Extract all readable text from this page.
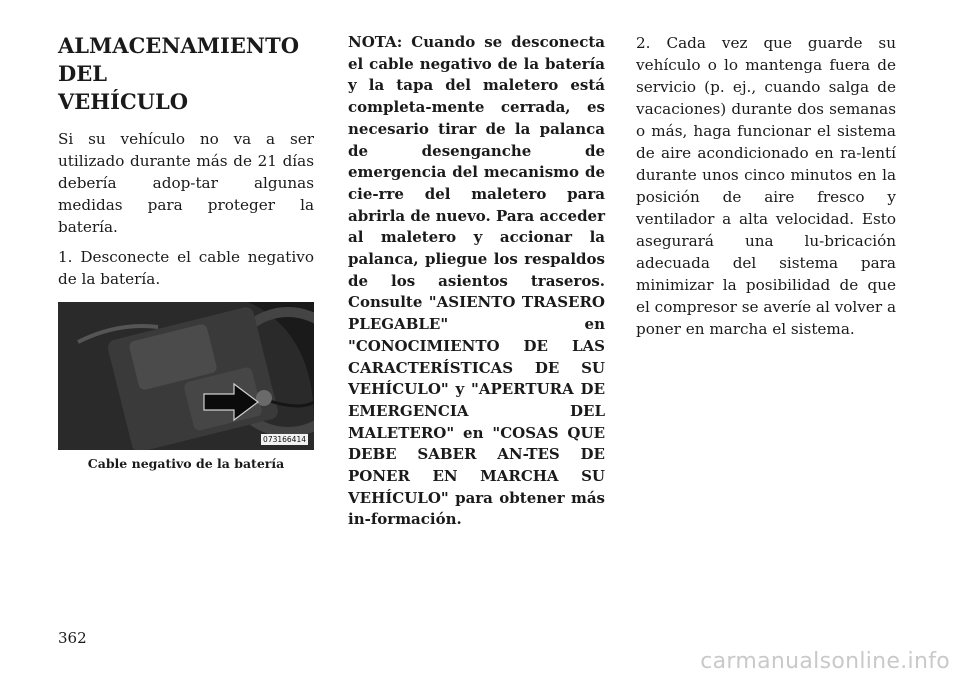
ALMACENAMIENTO DEL
VEHÍCULO

Si su vehículo no va a ser utilizado durante más de 21 días debería adop-tar algunas medidas para proteger la batería.

1. Desconecte el cable negativo de la batería.

073166414
Cable negativo de la batería

NOTA: Cuando se desconecta el cable negativo de la batería y la tapa del maletero está completa-mente cerrada, es necesario tirar de la palanca de desenganche de emergencia del mecanismo de cie-rre del maletero para abrirla de nuevo. Para acceder al maletero y accionar la palanca, pliegue los respaldos de los asientos traseros. Consulte "ASIENTO TRASERO PLEGABLE" en "CONOCIMIENTO DE LAS CARACTERÍSTICAS DE SU VEHÍCULO" y "APERTURA DE EMERGENCIA DEL MALETERO" en "COSAS QUE DEBE SABER AN-TES DE PONER EN MARCHA SU VEHÍCULO" para obtener más in-formación.

2. Cada vez que guarde su vehículo o lo mantenga fuera de servicio (p. ej., cuando salga de vacaciones) durante dos semanas o más, haga funcionar el sistema de aire acondicionado en ra-lentí durante unos cinco minutos en la posición de aire fresco y ventilador a alta velocidad. Esto asegurará una lu-bricación adecuada del sistema para minimizar la posibilidad de que el compresor se averíe al volver a poner en marcha el sistema.

362
carmanualsonline.info
